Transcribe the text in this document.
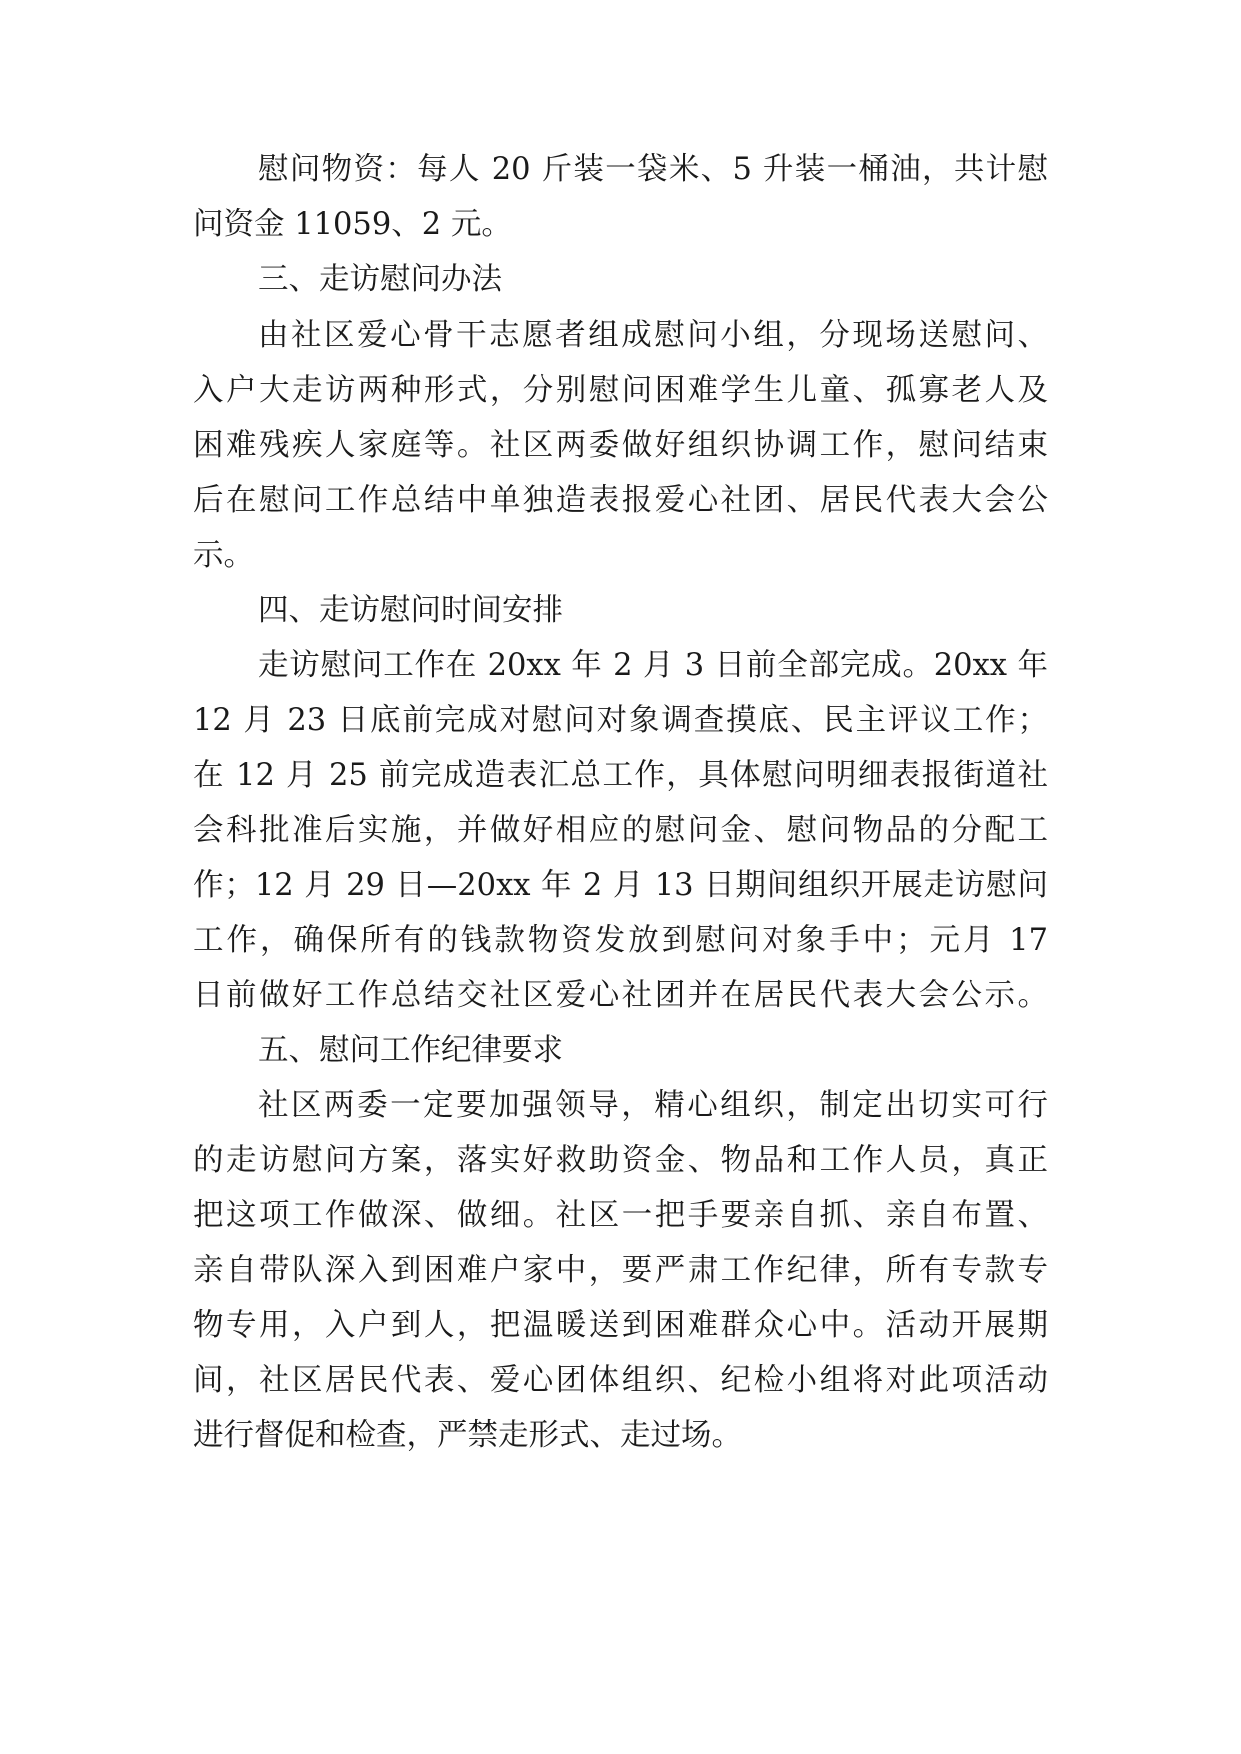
慰问物资：每人 20 斤装一袋米、5 升装一桶油，共计慰
问资金 11059、2 元。
三、走访慰问办法
由社区爱心骨干志愿者组成慰问小组，分现场送慰问、
入户大走访两种形式，分别慰问困难学生儿童、孤寡老人及
困难残疾人家庭等。社区两委做好组织协调工作，慰问结束
后在慰问工作总结中单独造表报爱心社团、居民代表大会公
示。
四、走访慰问时间安排
走访慰问工作在 20xx 年 2 月 3 日前全部完成。20xx 年
12 月 23 日底前完成对慰问对象调查摸底、民主评议工作；
在 12 月 25 前完成造表汇总工作，具体慰问明细表报街道社
会科批准后实施，并做好相应的慰问金、慰问物品的分配工
作；12 月 29 日—20xx 年 2 月 13 日期间组织开展走访慰问
工作，确保所有的钱款物资发放到慰问对象手中；元月 17
日前做好工作总结交社区爱心社团并在居民代表大会公示。
五、慰问工作纪律要求
社区两委一定要加强领导，精心组织，制定出切实可行
的走访慰问方案，落实好救助资金、物品和工作人员，真正
把这项工作做深、做细。社区一把手要亲自抓、亲自布置、
亲自带队深入到困难户家中，要严肃工作纪律，所有专款专
物专用，入户到人，把温暖送到困难群众心中。活动开展期
间，社区居民代表、爱心团体组织、纪检小组将对此项活动
进行督促和检查，严禁走形式、走过场。
